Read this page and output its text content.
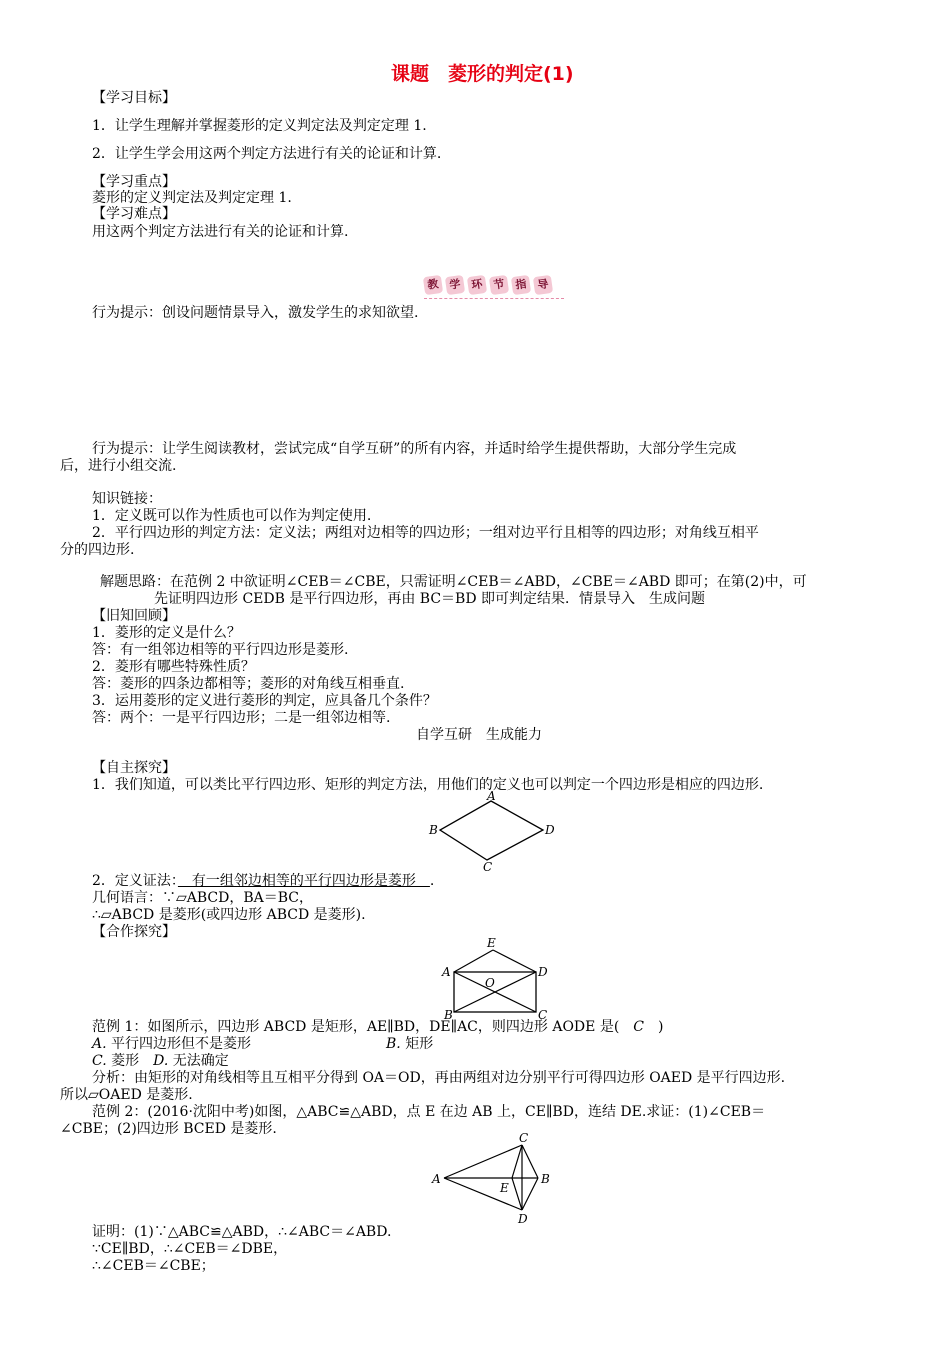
课题　菱形的判定(1)
【学习目标】
1．让学生理解并掌握菱形的定义判定法及判定定理 1.
2．让学生学会用这两个判定方法进行有关的论证和计算.
【学习重点】
菱形的定义判定法及判定定理 1.
【学习难点】
用这两个判定方法进行有关的论证和计算.
教 学 环 节 指 导
行为提示：创设问题情景导入，激发学生的求知欲望.
行为提示：让学生阅读教材，尝试完成“自学互研”的所有内容，并适时给学生提供帮助，大部分学生完成
后，进行小组交流.
知识链接：
1．定义既可以作为性质也可以作为判定使用.
2．平行四边形的判定方法：定义法；两组对边相等的四边形；一组对边平行且相等的四边形；对角线互相平
分的四边形.
解题思路：在范例 2 中欲证明∠CEB＝∠CBE，只需证明∠CEB＝∠ABD，∠CBE＝∠ABD 即可；在第(2)中，可
先证明四边形 CEDB 是平行四边形，再由 BC＝BD 即可判定结果．情景导入　生成问题
【旧知回顾】
1．菱形的定义是什么？
答：有一组邻边相等的平行四边形是菱形.
2．菱形有哪些特殊性质？
答：菱形的四条边都相等；菱形的对角线互相垂直.
3．运用菱形的定义进行菱形的判定，应具备几个条件？
答：两个：一是平行四边形；二是一组邻边相等.
自学互研　生成能力
【自主探究】
1．我们知道，可以类比平行四边形、矩形的判定方法，用他们的定义也可以判定一个四边形是相应的四边形.
A
B
C
D
2．定义证法：　有一组邻边相等的平行四边形是菱形　.
几何语言：∵▱ABCD，BA＝BC，
∴▱ABCD 是菱形(或四边形 ABCD 是菱形).
【合作探究】
E
A	D
O
B	C
范例 1：如图所示，四边形 ABCD 是矩形，AE∥BD，DE∥AC，则四边形 AODE 是(　C　)
A. 平行四边形但不是菱形	B. 矩形
C. 菱形　 D. 无法确定
分析：由矩形的对角线相等且互相平分得到 OA＝OD，再由两组对边分别平行可得四边形 OAED 是平行四边形.
所以▱OAED 是菱形.
范例 2：(2016·沈阳中考)如图，△ABC≌△ABD，点 E 在边 AB 上，CE∥BD，连结 DE.求证：(1)∠CEB＝
∠CBE；(2)四边形 BCED 是菱形.
C
A	B
E
D
证明：(1)∵△ABC≌△ABD，∴∠ABC＝∠ABD.
∵CE∥BD，∴∠CEB＝∠DBE，
∴∠CEB＝∠CBE；
